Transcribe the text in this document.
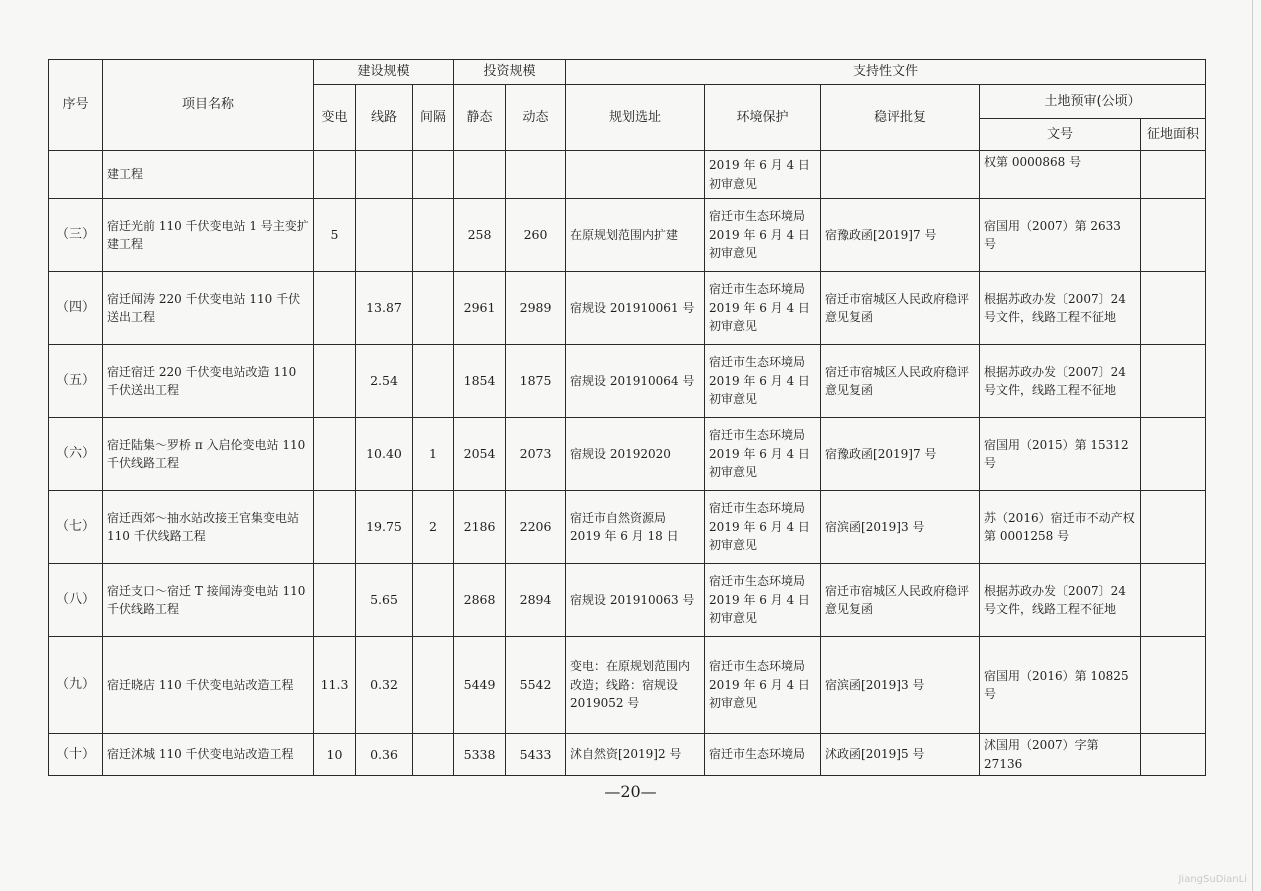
序号	项目名称	建设规模			投资规模		支持性文件				
		变电	线路	间隔	静态	动态	规划选址	环境保护	稳评批复	土地预审(公顷）	
										文号	征地面积
	建工程							2019 年 6 月 4 日初审意见		权第 0000868 号	
（三）	宿迁光前 110 千伏变电站 1 号主变扩建工程	5			258	260	在原规划范围内扩建	宿迁市生态环境局 2019 年 6 月 4 日初审意见	宿豫政函[2019]7 号	宿国用（2007）第 2633 号	
（四）	宿迁闻涛 220 千伏变电站 110 千伏送出工程		13.87		2961	2989	宿规设 201910061 号	宿迁市生态环境局 2019 年 6 月 4 日初审意见	宿迁市宿城区人民政府稳评意见复函	根据苏政办发〔2007〕24 号文件，线路工程不征地	
（五）	宿迁宿迁 220 千伏变电站改造 110 千伏送出工程		2.54		1854	1875	宿规设 201910064 号	宿迁市生态环境局 2019 年 6 月 4 日初审意见	宿迁市宿城区人民政府稳评意见复函	根据苏政办发〔2007〕24 号文件，线路工程不征地	
（六）	宿迁陆集～罗桥 π 入启伦变电站 110 千伏线路工程		10.40	1	2054	2073	宿规设 20192020	宿迁市生态环境局 2019 年 6 月 4 日初审意见	宿豫政函[2019]7 号	宿国用（2015）第 15312 号	
（七）	宿迁西郊～抽水站改接王官集变电站 110 千伏线路工程		19.75	2	2186	2206	宿迁市自然资源局 2019 年 6 月 18 日	宿迁市生态环境局 2019 年 6 月 4 日初审意见	宿滨函[2019]3 号	苏（2016）宿迁市不动产权第 0001258 号	
（八）	宿迁支口～宿迁 T 接闻涛变电站 110 千伏线路工程		5.65		2868	2894	宿规设 201910063 号	宿迁市生态环境局 2019 年 6 月 4 日初审意见	宿迁市宿城区人民政府稳评意见复函	根据苏政办发〔2007〕24 号文件，线路工程不征地	
（九）	宿迁晓店 110 千伏变电站改造工程	11.3	0.32		5449	5542	变电：在原规划范围内改造；线路：宿规设 2019052 号	宿迁市生态环境局 2019 年 6 月 4 日初审意见	宿滨函[2019]3 号	宿国用（2016）第 10825 号	
（十）	宿迁沭城 110 千伏变电站改造工程	10	0.36		5338	5433	沭自然资[2019]2 号	宿迁市生态环境局	沭政函[2019]5 号	沭国用（2007）字第 27136	
—20—
JiangSuDianLi
